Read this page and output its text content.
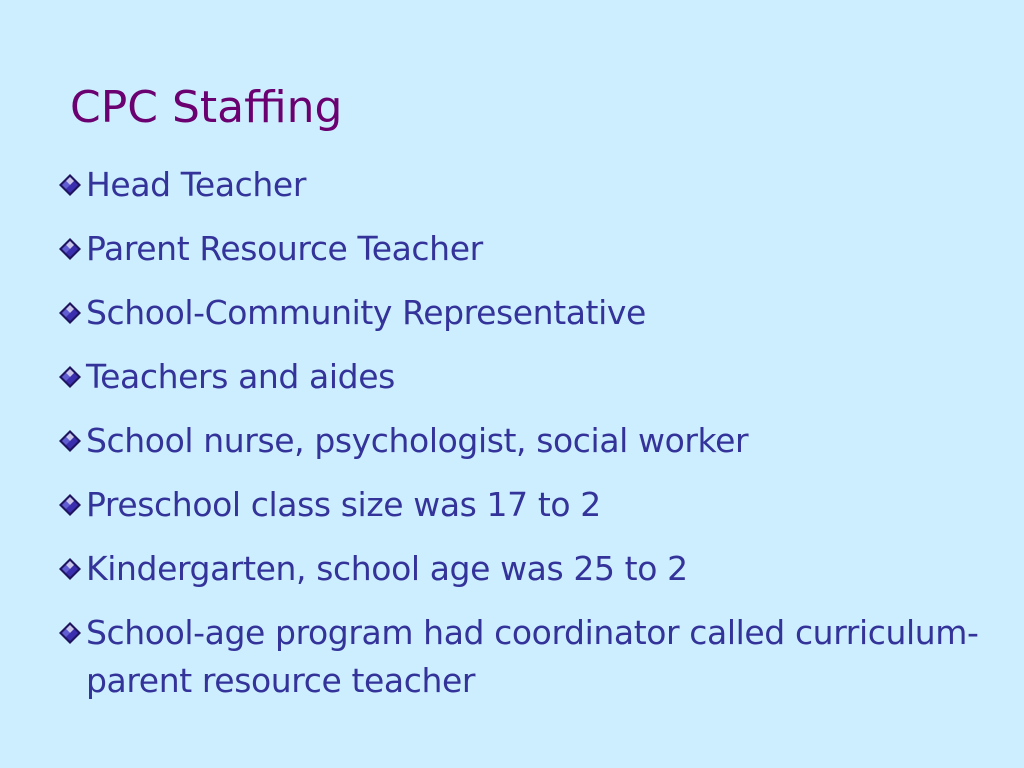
CPC Staffing
Head Teacher
Parent Resource Teacher
School-Community Representative
Teachers and aides
School nurse, psychologist, social worker
Preschool class size was 17 to 2
Kindergarten, school age was 25 to 2
School-age program had coordinator called curriculum-parent resource teacher
